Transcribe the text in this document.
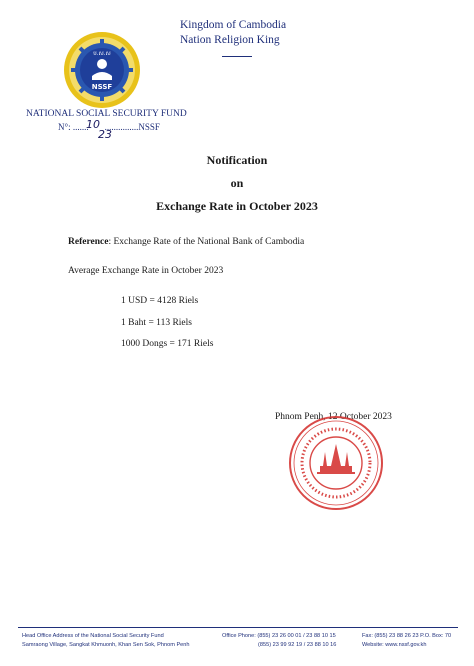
Kingdom of Cambodia
Nation Religion King
ប.ស.ស
NSSF
NATIONAL SOCIAL SECURITY FUND
N°: .......
10 .....
23
..........NSSF
Notification
on
Exchange Rate in October 2023
Reference: Exchange Rate of the National Bank of Cambodia
Average Exchange Rate in October 2023
1 USD = 4128 Riels
1 Baht = 113 Riels
1000 Dongs = 171 Riels
Phnom Penh, 12 October 2023
Head Office Address of the National Social Security Fund
Samraong Village, Sangkat Khmuonh, Khan Sen Sok, Phnom Penh
Office Phone: (855) 23 26 00 01 / 23 88 10 15
(855) 23 99 92 19 / 23 88 10 16
Fax: (855) 23 88 26 23 P.O. Box: 70
Website: www.nssf.gov.kh
